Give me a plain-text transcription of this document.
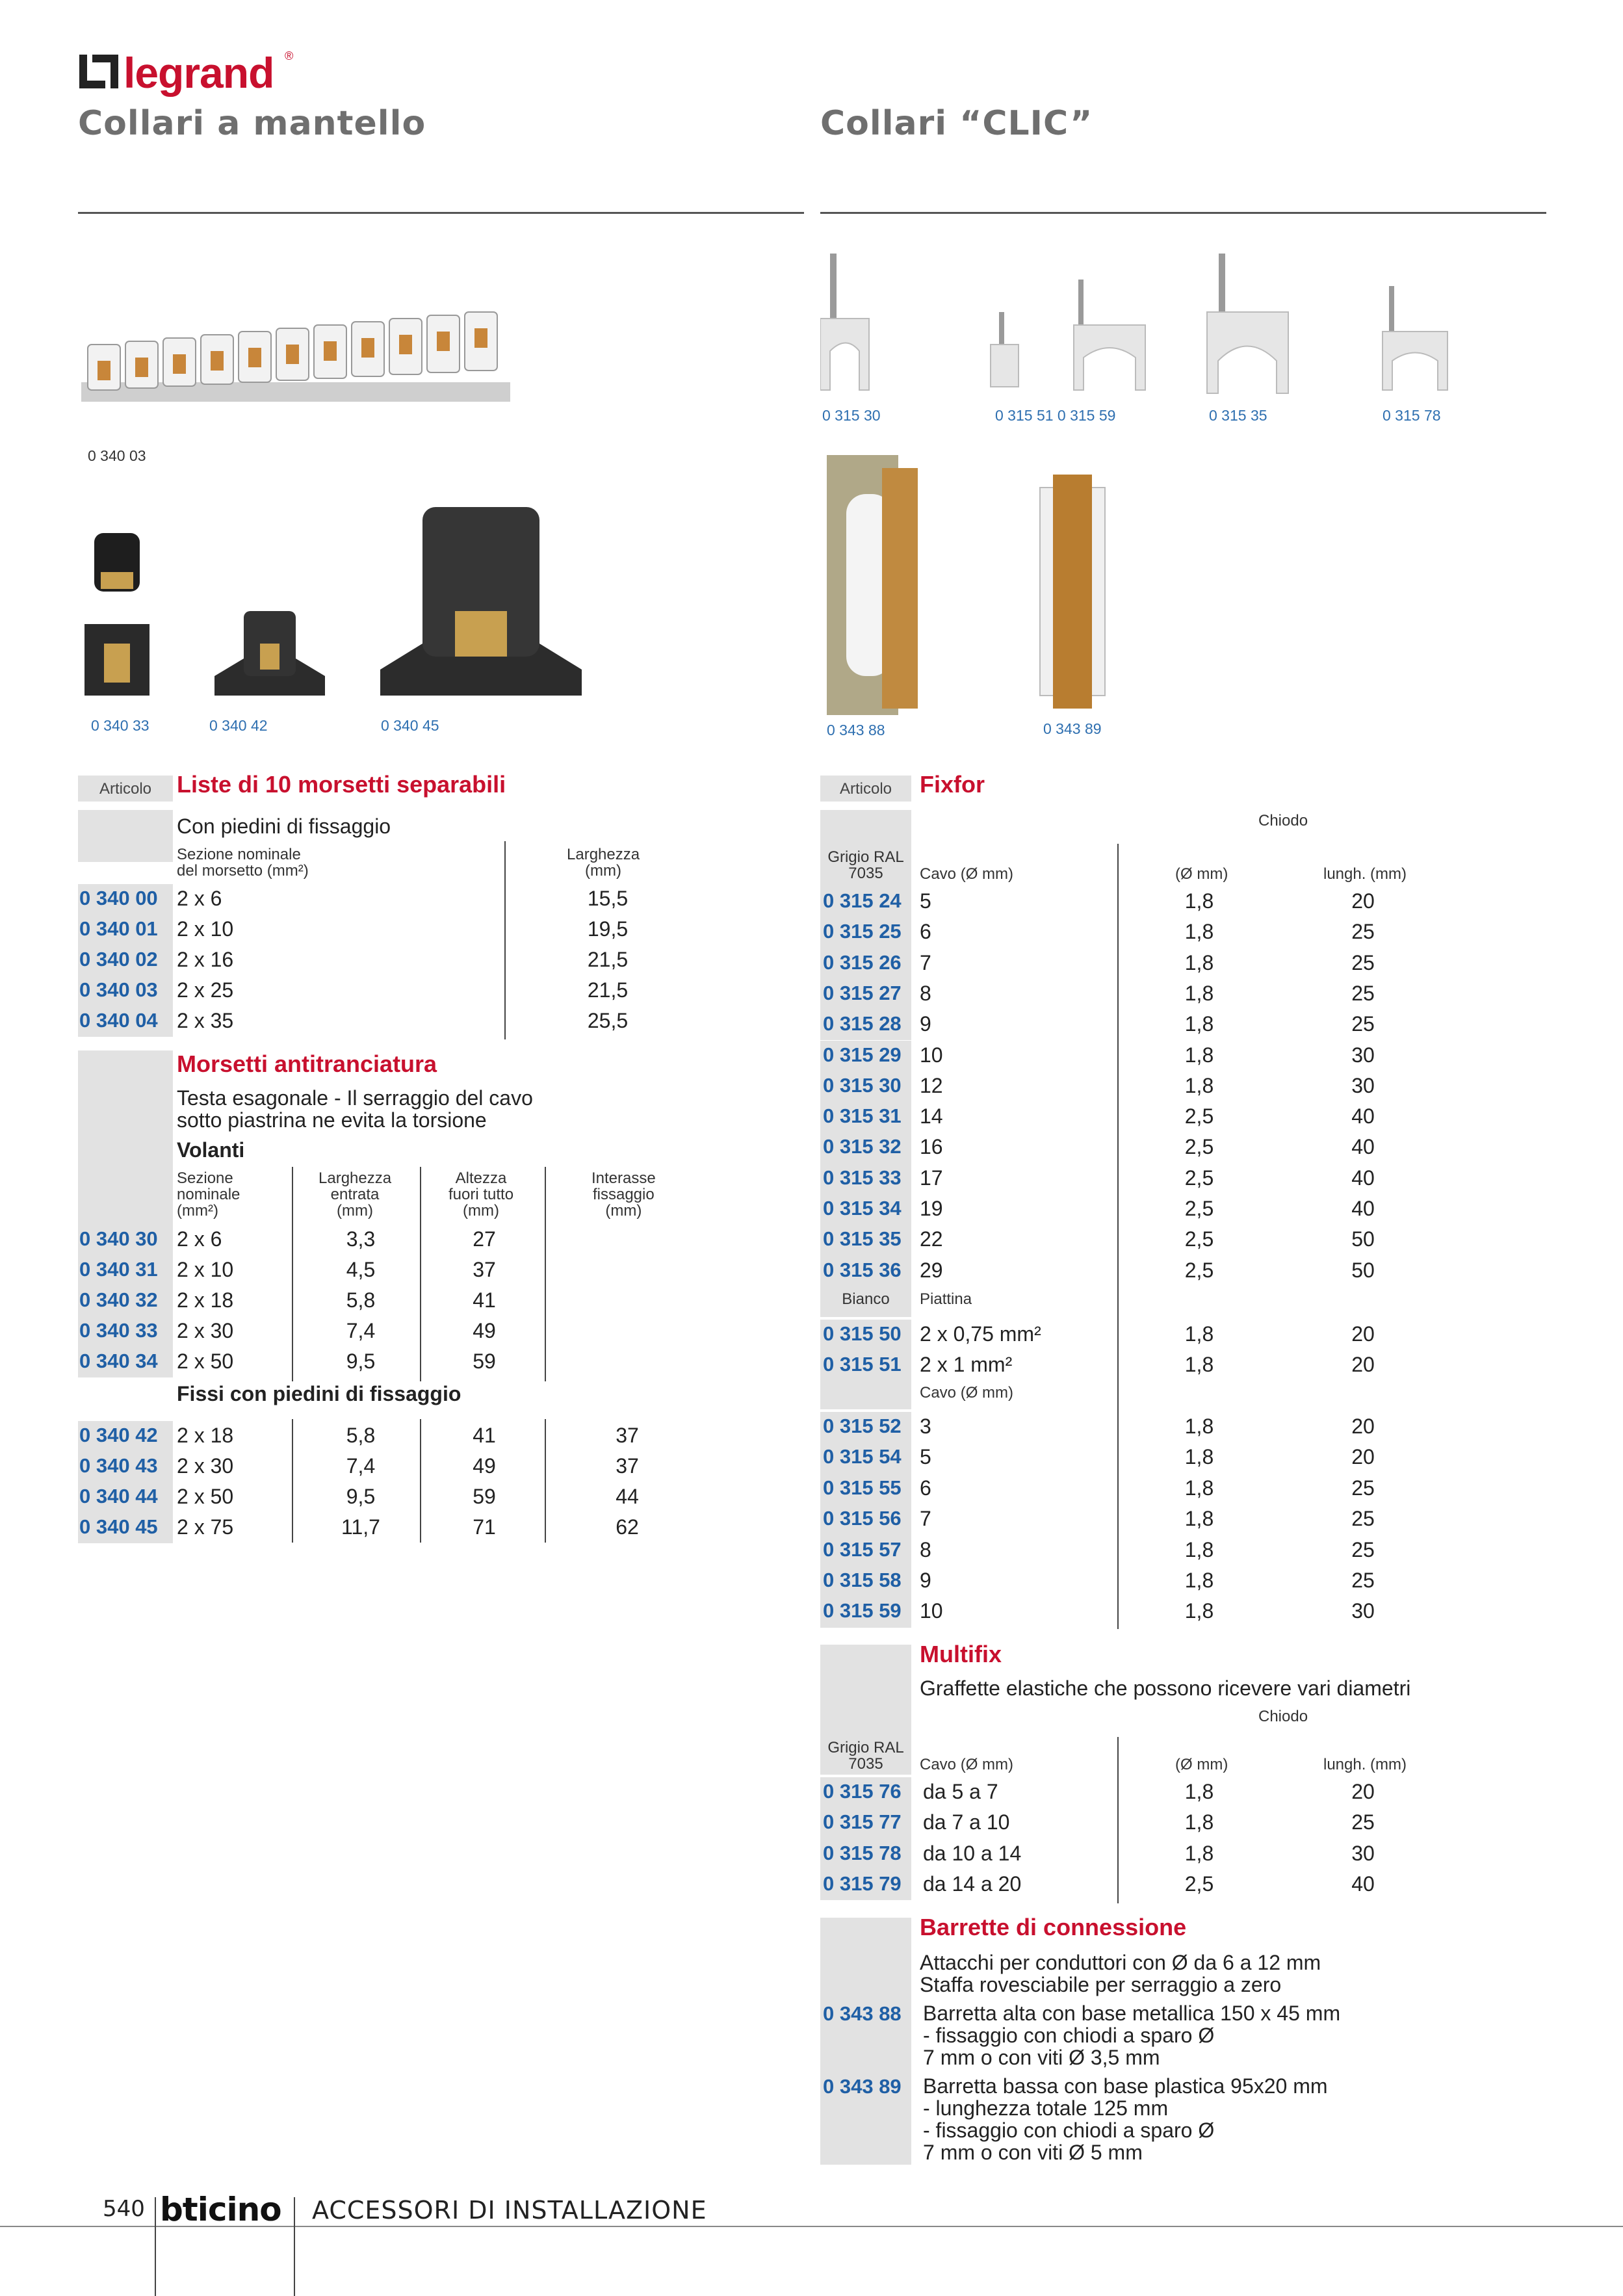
legrand ®
Collari a mantello	Collari “CLIC”
0 340 03
0 340 33	0 340 42	0 340 45
0 315 30	0 315 51 0 315 59	0 315 35	0 315 78
0 343 88	0 343 89
Articolo	Liste di 10 morsetti separabili
Con piedini di fissaggio
Sezione nominale
del morsetto (mm²)
Larghezza
(mm)
0 340 00 2 x 6	15,5
0 340 01 2 x 10	19,5
0 340 02 2 x 16	21,5
0 340 03 2 x 25	21,5
0 340 04 2 x 35	25,5
Morsetti antitranciatura
Testa esagonale - Il serraggio del cavo
sotto piastrina ne evita la torsione
Volanti
Sezione
nominale
(mm²)
Larghezza
entrata
(mm)
Altezza
fuori tutto
(mm)
Interasse
fissaggio
(mm)
0 340 30 2 x 6	3,3	27
0 340 31 2 x 10	4,5	37
0 340 32 2 x 18	5,8	41
0 340 33 2 x 30	7,4	49
0 340 34 2 x 50	9,5	59
Fissi con piedini di fissaggio
0 340 42 2 x 18	5,8	41	37
0 340 43 2 x 30	7,4	49	37
0 340 44 2 x 50	9,5	59	44
0 340 45 2 x 75	11,7	71	62
Articolo	Fixfor
Chiodo
Grigio RAL
7035	Cavo (Ø mm)	(Ø mm)	lungh. (mm)
0 315 24 5	1,8	20
0 315 25 6	1,8	25
0 315 26 7	1,8	25
0 315 27 8	1,8	25
0 315 28 9	1,8	25
0 315 29 10	1,8	30
0 315 30 12	1,8	30
0 315 31 14	2,5	40
0 315 32 16	2,5	40
0 315 33 17	2,5	40
0 315 34 19	2,5	40
0 315 35 22	2,5	50
0 315 36 29	2,5	50
Bianco	Piattina
0 315 50 2 x 0,75 mm²	1,8	20
0 315 51 2 x 1 mm²	1,8	20
Cavo (Ø mm)
0 315 52 3	1,8	20
0 315 54 5	1,8	20
0 315 55 6	1,8	25
0 315 56 7	1,8	25
0 315 57 8	1,8	25
0 315 58 9	1,8	25
0 315 59 10	1,8	30
Multifix
Graffette elastiche che possono ricevere vari diametri
Chiodo
Grigio RAL
7035	Cavo (Ø mm)	(Ø mm)	lungh. (mm)
0 315 76 da 5 a 7	1,8	20
0 315 77 da 7 a 10	1,8	25
0 315 78 da 10 a 14	1,8	30
0 315 79 da 14 a 20	2,5	40
Barrette di connessione
Attacchi per conduttori con Ø da 6 a 12 mm
Staffa rovesciabile per serraggio a zero
0 343 88 Barretta alta con base metallica 150 x 45 mm
- fissaggio con chiodi a sparo Ø
7 mm o con viti Ø 3,5 mm
0 343 89 Barretta bassa con base plastica 95x20 mm
- lunghezza totale 125 mm
- fissaggio con chiodi a sparo Ø
7 mm o con viti Ø 5 mm
540 bticino ACCESSORI DI INSTALLAZIONE
